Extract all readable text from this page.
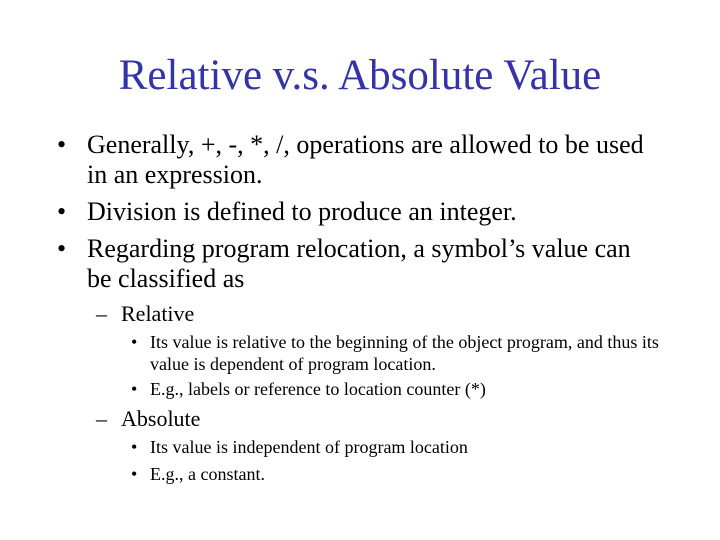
Relative v.s. Absolute Value
• Generally, +, -, *, /, operations are allowed to be used in an expression.
• Division is defined to produce an integer.
• Regarding program relocation, a symbol’s value can be classified as
– Relative
• Its value is relative to the beginning of the object program, and thus its value is dependent of program location.
• E.g., labels or reference to location counter (*)
– Absolute
• Its value is independent of program location
• E.g., a constant.
